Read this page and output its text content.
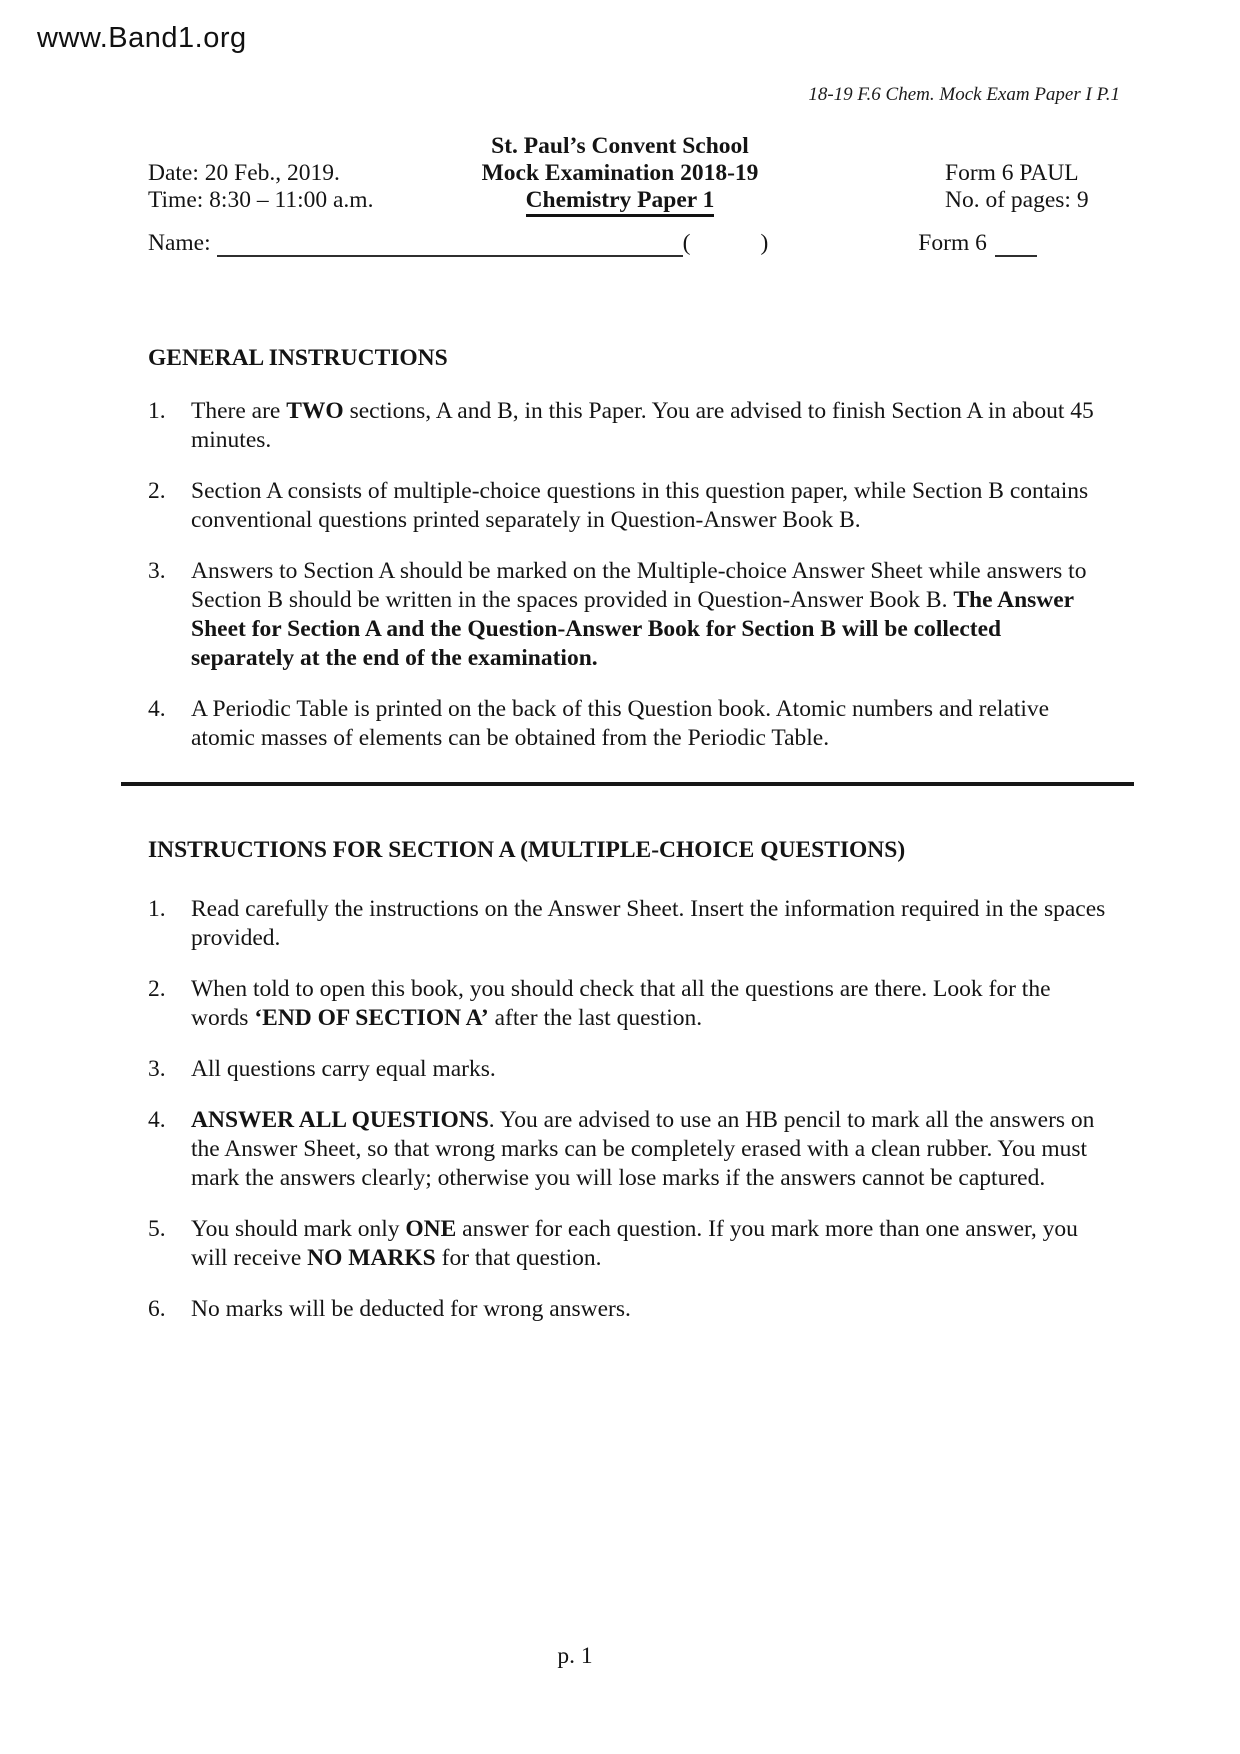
www.Band1.org
18-19 F.6 Chem. Mock Exam Paper I P.1
St. Paul’s Convent School
Mock Examination 2018-19
Chemistry Paper 1
Date: 20 Feb., 2019.
Time: 8:30 – 11:00 a.m.
Form 6 PAUL
No. of pages: 9
Name:	(	)	Form 6
GENERAL INSTRUCTIONS
1.	There are TWO sections, A and B, in this Paper. You are advised to finish Section A in about 45 minutes.
2.	Section A consists of multiple-choice questions in this question paper, while Section B contains conventional questions printed separately in Question-Answer Book B.
3.	Answers to Section A should be marked on the Multiple-choice Answer Sheet while answers to Section B should be written in the spaces provided in Question-Answer Book B. The Answer Sheet for Section A and the Question-Answer Book for Section B will be collected separately at the end of the examination.
4.	A Periodic Table is printed on the back of this Question book. Atomic numbers and relative atomic masses of elements can be obtained from the Periodic Table.
INSTRUCTIONS FOR SECTION A (MULTIPLE-CHOICE QUESTIONS)
1.	Read carefully the instructions on the Answer Sheet. Insert the information required in the spaces provided.
2.	When told to open this book, you should check that all the questions are there. Look for the words ‘END OF SECTION A’ after the last question.
3.	All questions carry equal marks.
4.	ANSWER ALL QUESTIONS. You are advised to use an HB pencil to mark all the answers on the Answer Sheet, so that wrong marks can be completely erased with a clean rubber. You must mark the answers clearly; otherwise you will lose marks if the answers cannot be captured.
5.	You should mark only ONE answer for each question. If you mark more than one answer, you will receive NO MARKS for that question.
6.	No marks will be deducted for wrong answers.
p. 1
